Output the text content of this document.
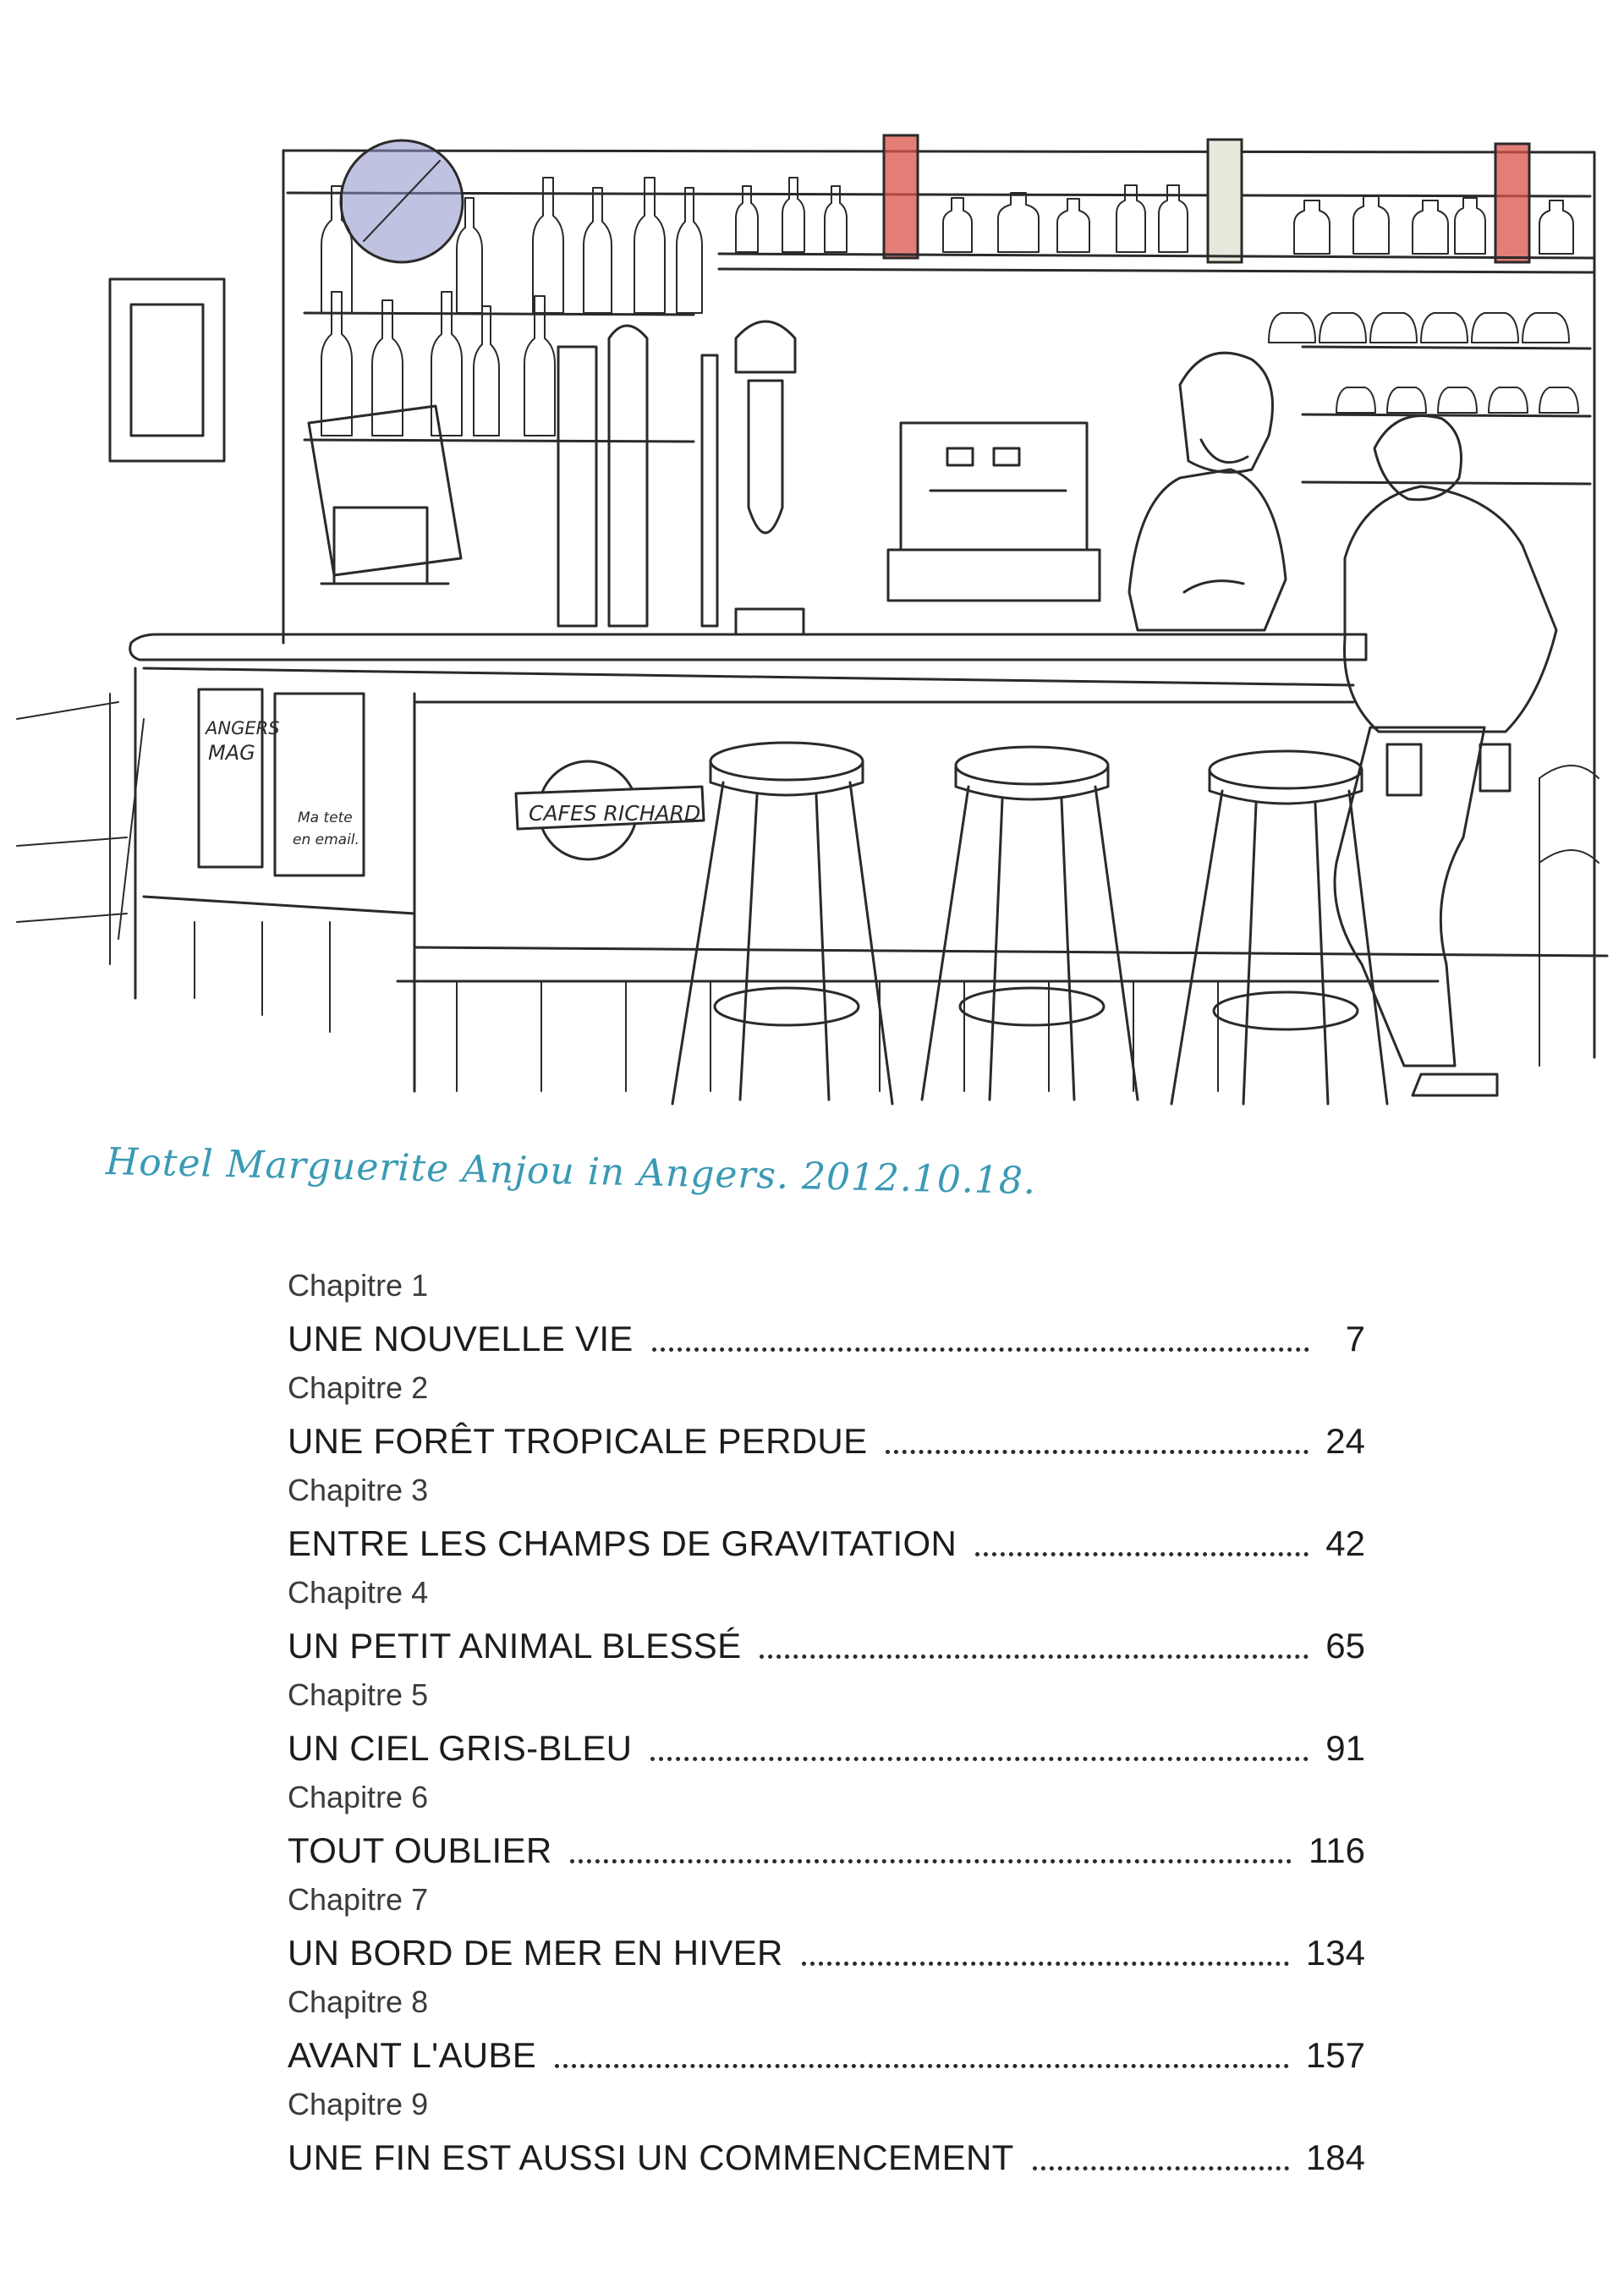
ANGERS
MAG
Ma tete
en email.
CAFES RICHARD
Hotel Marguerite Anjou in Angers. 2012.10.18.
Chapitre 1
UNE NOUVELLE VIE	7
Chapitre 2
UNE FORÊT TROPICALE PERDUE	24
Chapitre 3
ENTRE LES CHAMPS DE GRAVITATION	42
Chapitre 4
UN PETIT ANIMAL BLESSÉ	65
Chapitre 5
UN CIEL GRIS-BLEU	91
Chapitre 6
TOUT OUBLIER	116
Chapitre 7
UN BORD DE MER EN HIVER	134
Chapitre 8
AVANT L'AUBE	157
Chapitre 9
UNE FIN EST AUSSI UN COMMENCEMENT	184
